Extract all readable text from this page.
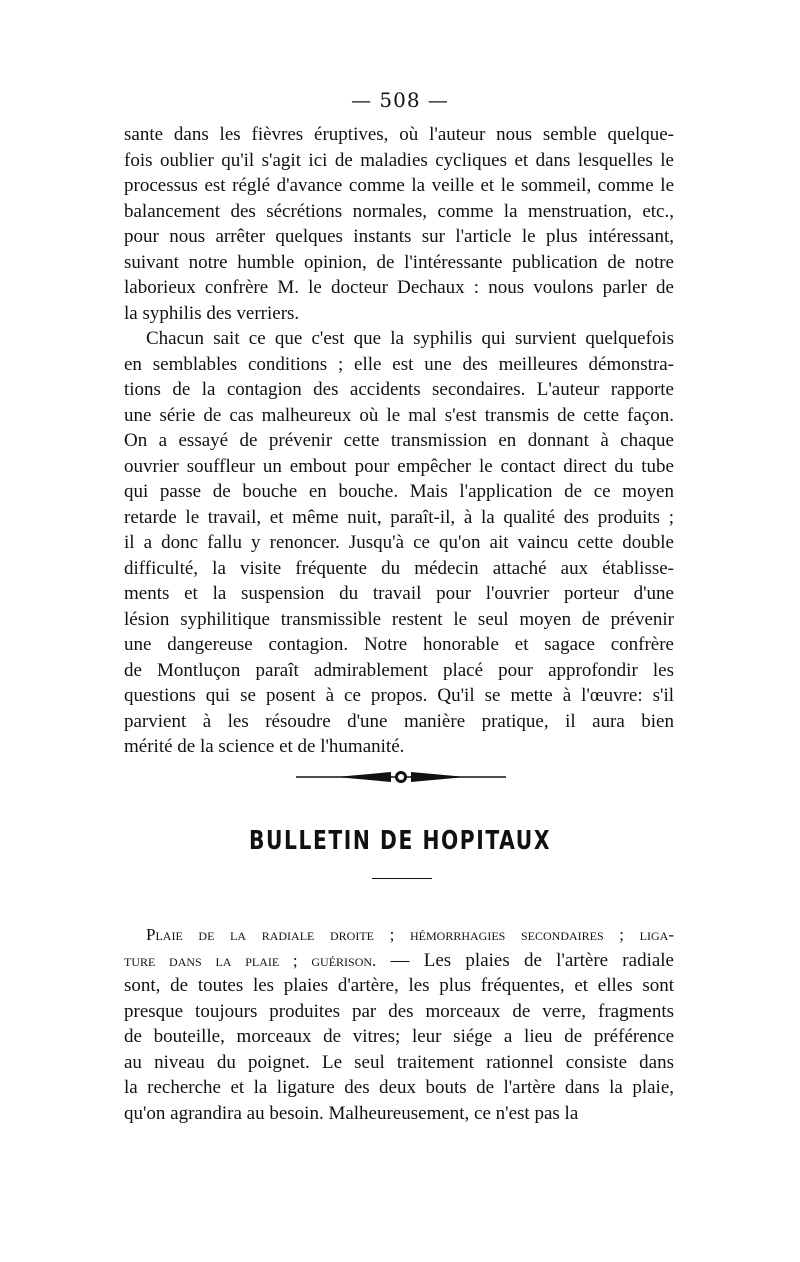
— 508 —
sante dans les fièvres éruptives, où l'auteur nous semble quelque-
fois oublier qu'il s'agit ici de maladies cycliques et dans lesquelles le
processus est réglé d'avance comme la veille et le sommeil, comme le
balancement des sécrétions normales, comme la menstruation, etc.,
pour nous arrêter quelques instants sur l'article le plus intéressant,
suivant notre humble opinion, de l'intéressante publication de notre
laborieux confrère M. le docteur Dechaux : nous voulons parler de
la syphilis des verriers.
Chacun sait ce que c'est que la syphilis qui survient quelquefois
en semblables conditions ; elle est une des meilleures démonstra-
tions de la contagion des accidents secondaires. L'auteur rapporte
une série de cas malheureux où le mal s'est transmis de cette façon.
On a essayé de prévenir cette transmission en donnant à chaque
ouvrier souffleur un embout pour empêcher le contact direct du tube
qui passe de bouche en bouche. Mais l'application de ce moyen
retarde le travail, et même nuit, paraît-il, à la qualité des produits ;
il a donc fallu y renoncer. Jusqu'à ce qu'on ait vaincu cette double
difficulté, la visite fréquente du médecin attaché aux établisse-
ments et la suspension du travail pour l'ouvrier porteur d'une
lésion syphilitique transmissible restent le seul moyen de prévenir
une dangereuse contagion. Notre honorable et sagace confrère
de Montluçon paraît admirablement placé pour approfondir les
questions qui se posent à ce propos. Qu'il se mette à l'œuvre: s'il
parvient à les résoudre d'une manière pratique, il aura bien
mérité de la science et de l'humanité.
BULLETIN DE HOPITAUX
Plaie de la radiale droite ; hémorrhagies secondaires ; liga-
ture dans la plaie ; guérison. — Les plaies de l'artère radiale
sont, de toutes les plaies d'artère, les plus fréquentes, et elles sont
presque toujours produites par des morceaux de verre, fragments
de bouteille, morceaux de vitres; leur siége a lieu de préférence
au niveau du poignet. Le seul traitement rationnel consiste dans
la recherche et la ligature des deux bouts de l'artère dans la plaie,
qu'on agrandira au besoin. Malheureusement, ce n'est pas la
